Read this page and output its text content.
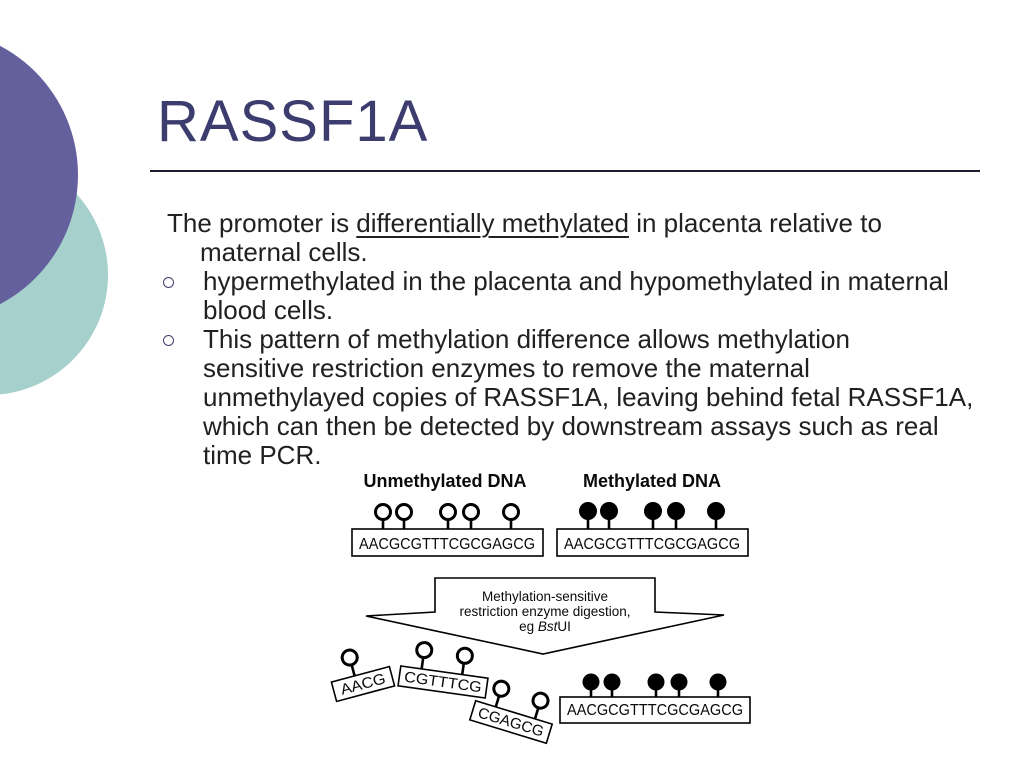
RASSF1A
The promoter is differentially methylated in placenta relative to
maternal cells.
hypermethylated in the placenta and hypomethylated in maternal
blood cells.
This pattern of methylation difference allows methylation
sensitive restriction enzymes to remove the maternal
unmethylayed copies of RASSF1A, leaving behind fetal RASSF1A,
which can then be detected by downstream assays such as real
time PCR.
Unmethylated DNA	Methylated DNA
AACGCGTTTCGCGAGCG AACGCGTTTCGCGAGCG
Methylation-sensitive
restriction enzyme digestion,
eg BstUI
AACG CGTTTCG
CGAGCG AACGCGTTTCGCGAGCG
